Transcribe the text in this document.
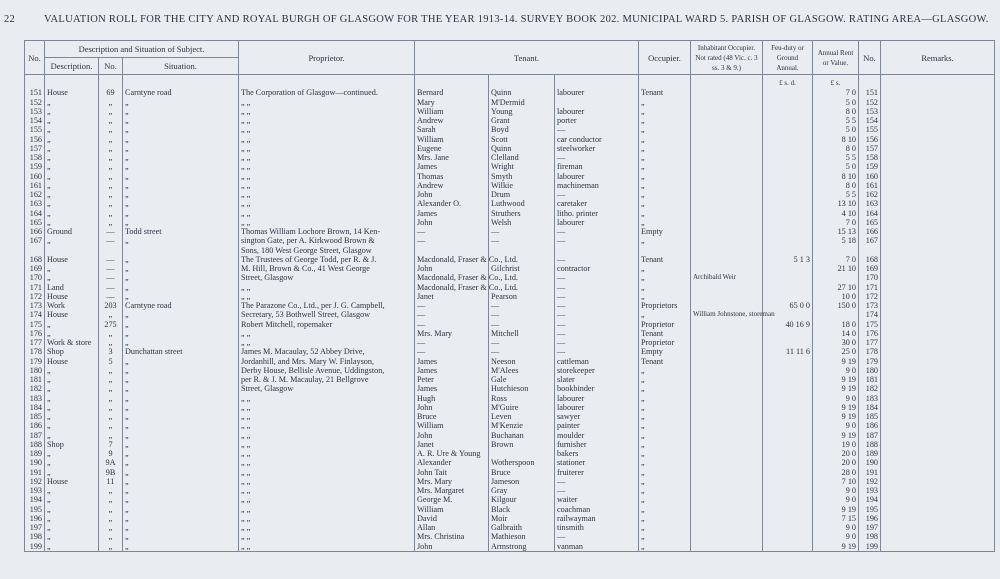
22	VALUATION ROLL FOR THE CITY AND ROYAL BURGH OF GLASGOW FOR THE YEAR 1913-14. SURVEY BOOK 202. MUNICIPAL WARD 5. PARISH OF GLASGOW. RATING AREA—GLASGOW.
No.	Description and Situation of Subject.			Proprietor.	Tenant.			Occupier.	Inhabitant Occupier. Not rated (48 Vic. c. 3 ss. 3 & 9.)	Feu-duty or Ground Annual.	Annual Rent or Value.	No.	Remarks.
	Description.	No.	Situation.										
										£ s. d.	£ s.		
151	House	69	Carntyne road	The Corporation of Glasgow—continued.	Bernard	Quinn	labourer	Tenant			7 0	151	
152	„	„	„	„ „	Mary	M'Dermid		„			5 0	152	
153	„	„	„	„ „	William	Young	labourer	„			8 0	153	
154	„	„	„	„ „	Andrew	Grant	porter	„			5 5	154	
155	„	„	„	„ „	Sarah	Boyd	—	„			5 0	155	
156	„	„	„	„ „	William	Scott	car conductor	„			8 10	156	
157	„	„	„	„ „	Eugene	Quinn	steelworker	„			8 0	157	
158	„	„	„	„ „	Mrs. Jane	Clelland	—	„			5 5	158	
159	„	„	„	„ „	James	Wright	fireman	„			5 0	159	
160	„	„	„	„ „	Thomas	Smyth	labourer	„			8 10	160	
161	„	„	„	„ „	Andrew	Wilkie	machineman	„			8 0	161	
162	„	„	„	„ „	John	Drum	—	„			5 5	162	
163	„	„	„	„ „	Alexander O.	Luthwood	caretaker	„			13 10	163	
164	„	„	„	„ „	James	Struthers	litho. printer	„			4 10	164	
165	„	„	„	„ „	John	Welsh	labourer	„			7 0	165	
166	Ground	—	Todd street	Thomas William Lochore Brown, 14 Ken-	—	—	—	Empty			15 13	166	
167	„	—	„	sington Gate, per A. Kirkwood Brown &	—	—	—	„			5 18	167	
				Sons, 180 West George Street, Glasgow									
168	House	—	„	The Trustees of George Todd, per R. & J.	Macdonald, Fraser & Co., Ltd.		—	Tenant		5 1 3	7 0	168	
169	„	—	„	M. Hill, Brown & Co., 41 West George	John	Gilchrist	contractor	„			21 10	169	
170	„	—	„	Street, Glasgow	Macdonald, Fraser & Co., Ltd.		—	„	Archibald Weir			170	
171	Land	—	„	„ „	Macdonald, Fraser & Co., Ltd.		—	„			27 10	171	
172	House	—	„	„ „	Janet	Pearson	—	„			10 0	172	
173	Work	203	Carntyne road	The Parazone Co., Ltd., per J. G. Campbell,	—	—	—	Proprietors		65 0 0	150 0	173	
174	House	„	„	Secretary, 53 Bothwell Street, Glasgow	—	—	—	„	William Johnstone, storeman			174	
175	„	275	„	Robert Mitchell, ropemaker	—	—	—	Proprietor		40 16 9	18 0	175	
176	„	„	„	„ „	Mrs. Mary	Mitchell	—	Tenant			14 0	176	
177	Work & store	„	„	„ „	—	—	—	Proprietor			30 0	177	
178	Shop	3	Dunchattan street	James M. Macaulay, 52 Abbey Drive,	—	—	—	Empty		11 11 6	25 0	178	
179	House	5	„	Jordanhill, and Mrs. Mary W. Finlayson,	James	Neeson	cattleman	Tenant			9 19	179	
180	„	„	„	Derby House, Bellisle Avenue, Uddingston,	James	M'Alees	storekeeper	„			9 0	180	
181	„	„	„	per R. & J. M. Macaulay, 21 Bellgrove	Peter	Gale	slater	„			9 19	181	
182	„	„	„	Street, Glasgow	James	Hutchieson	bookbinder	„			9 19	182	
183	„	„	„	„ „	Hugh	Ross	labourer	„			9 0	183	
184	„	„	„	„ „	John	M'Guire	labourer	„			9 19	184	
185	„	„	„	„ „	Bruce	Leven	sawyer	„			9 19	185	
186	„	„	„	„ „	William	M'Kenzie	painter	„			9 0	186	
187	„	„	„	„ „	John	Buchanan	moulder	„			9 19	187	
188	Shop	7	„	„ „	Janet	Brown	furnisher	„			19 0	188	
189	„	9	„	„ „	A. R. Ure & Young		bakers	„			20 0	189	
190	„	9A	„	„ „	Alexander	Wotherspoon	stationer	„			20 0	190	
191	„	9B	„	„ „	John Tait	Bruce	fruiterer	„			28 0	191	
192	House	11	„	„ „	Mrs. Mary	Jameson	—	„			7 10	192	
193	„	„	„	„ „	Mrs. Margaret	Gray	—	„			9 0	193	
194	„	„	„	„ „	George M.	Kilgour	waiter	„			9 0	194	
195	„	„	„	„ „	William	Black	coachman	„			9 19	195	
196	„	„	„	„ „	David	Moir	railwayman	„			7 15	196	
197	„	„	„	„ „	Allan	Galbraith	tinsmith	„			9 0	197	
198	„	„	„	„ „	Mrs. Christina	Mathieson	—	„			9 0	198	
199	„	„	„	„ „	John	Armstrong	vanman	„			9 19	199	
